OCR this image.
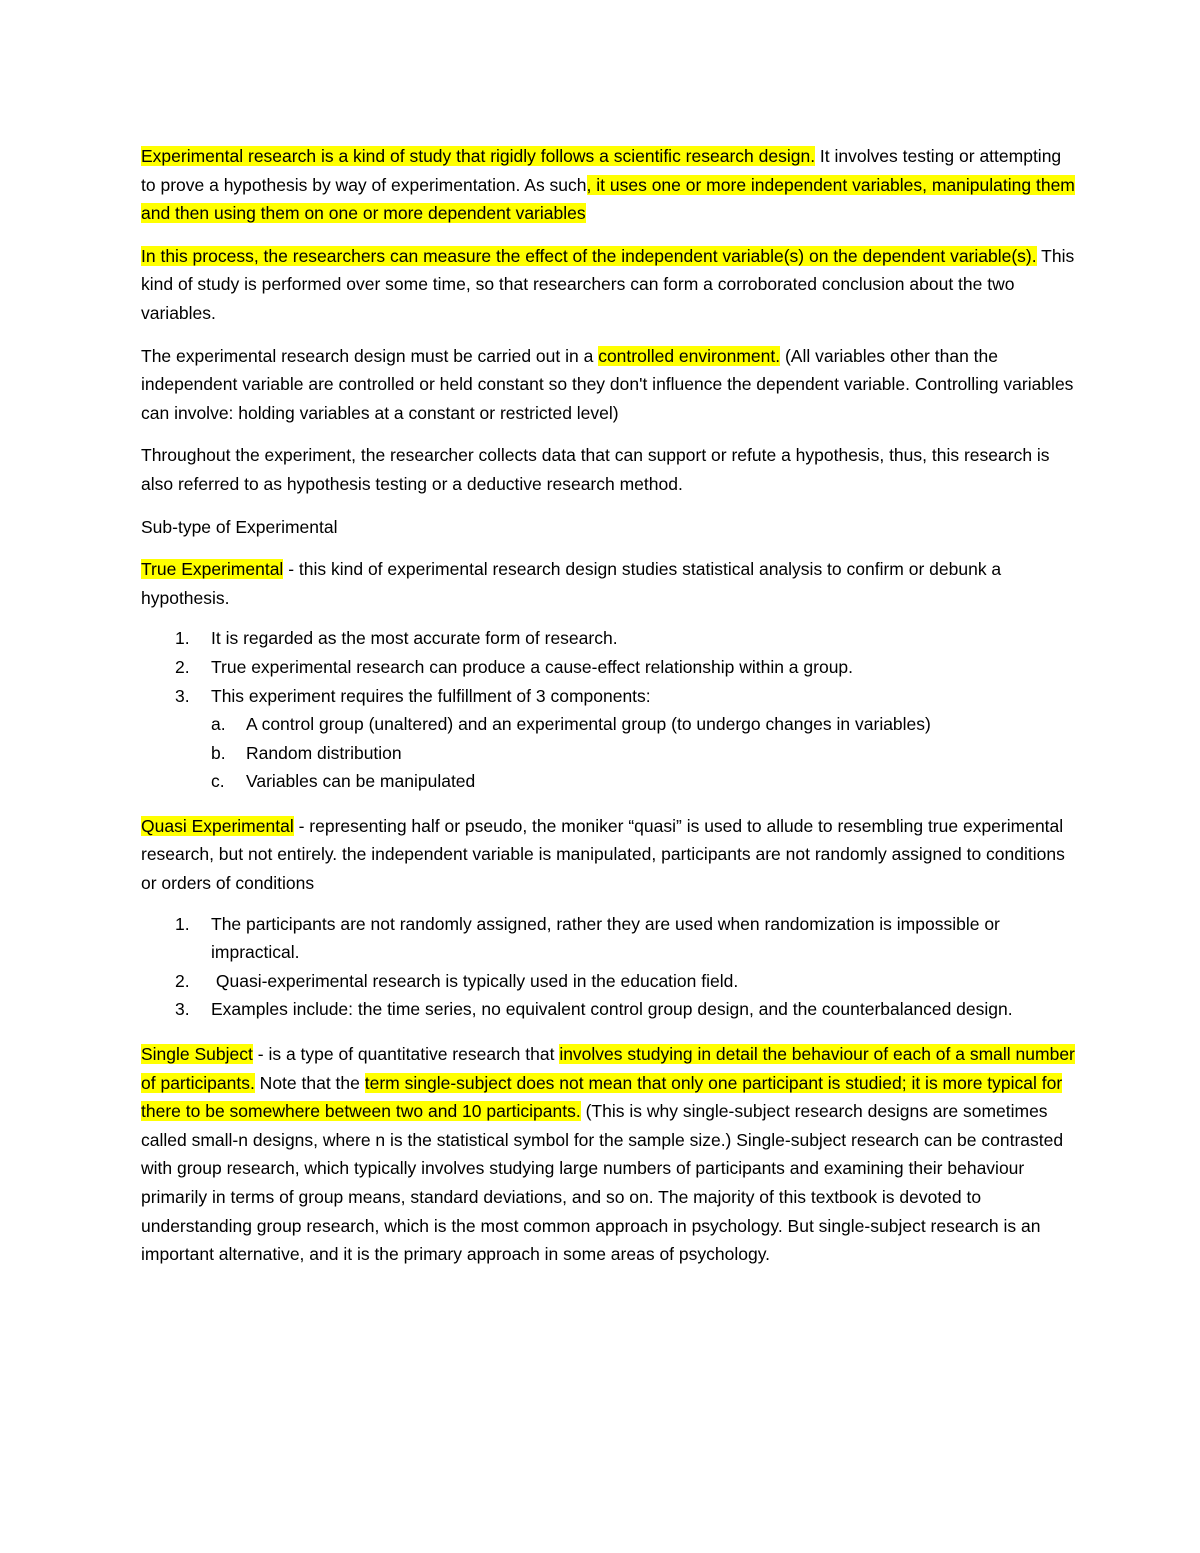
Experimental research is a kind of study that rigidly follows a scientific research design. It involves testing or attempting to prove a hypothesis by way of experimentation. As such, it uses one or more independent variables, manipulating them and then using them on one or more dependent variables

In this process, the researchers can measure the effect of the independent variable(s) on the dependent variable(s). This kind of study is performed over some time, so that researchers can form a corroborated conclusion about the two variables.

The experimental research design must be carried out in a controlled environment. (All variables other than the independent variable are controlled or held constant so they don't influence the dependent variable. Controlling variables can involve: holding variables at a constant or restricted level)

Throughout the experiment, the researcher collects data that can support or refute a hypothesis, thus, this research is also referred to as hypothesis testing or a deductive research method.

Sub-type of Experimental

True Experimental - this kind of experimental research design studies statistical analysis to confirm or debunk a hypothesis.

1. It is regarded as the most accurate form of research.
2. True experimental research can produce a cause-effect relationship within a group.
3. This experiment requires the fulfillment of 3 components:
a. A control group (unaltered) and an experimental group (to undergo changes in variables)
b. Random distribution
c. Variables can be manipulated

Quasi Experimental - representing half or pseudo, the moniker “quasi” is used to allude to resembling true experimental research, but not entirely. the independent variable is manipulated, participants are not randomly assigned to conditions or orders of conditions

1. The participants are not randomly assigned, rather they are used when randomization is impossible or impractical.
2. Quasi-experimental research is typically used in the education field.
3. Examples include: the time series, no equivalent control group design, and the counterbalanced design.

Single Subject - is a type of quantitative research that involves studying in detail the behaviour of each of a small number of participants. Note that the term single-subject does not mean that only one participant is studied; it is more typical for there to be somewhere between two and 10 participants. (This is why single-subject research designs are sometimes called small-n designs, where n is the statistical symbol for the sample size.) Single-subject research can be contrasted with group research, which typically involves studying large numbers of participants and examining their behaviour primarily in terms of group means, standard deviations, and so on. The majority of this textbook is devoted to understanding group research, which is the most common approach in psychology. But single-subject research is an important alternative, and it is the primary approach in some areas of psychology.
